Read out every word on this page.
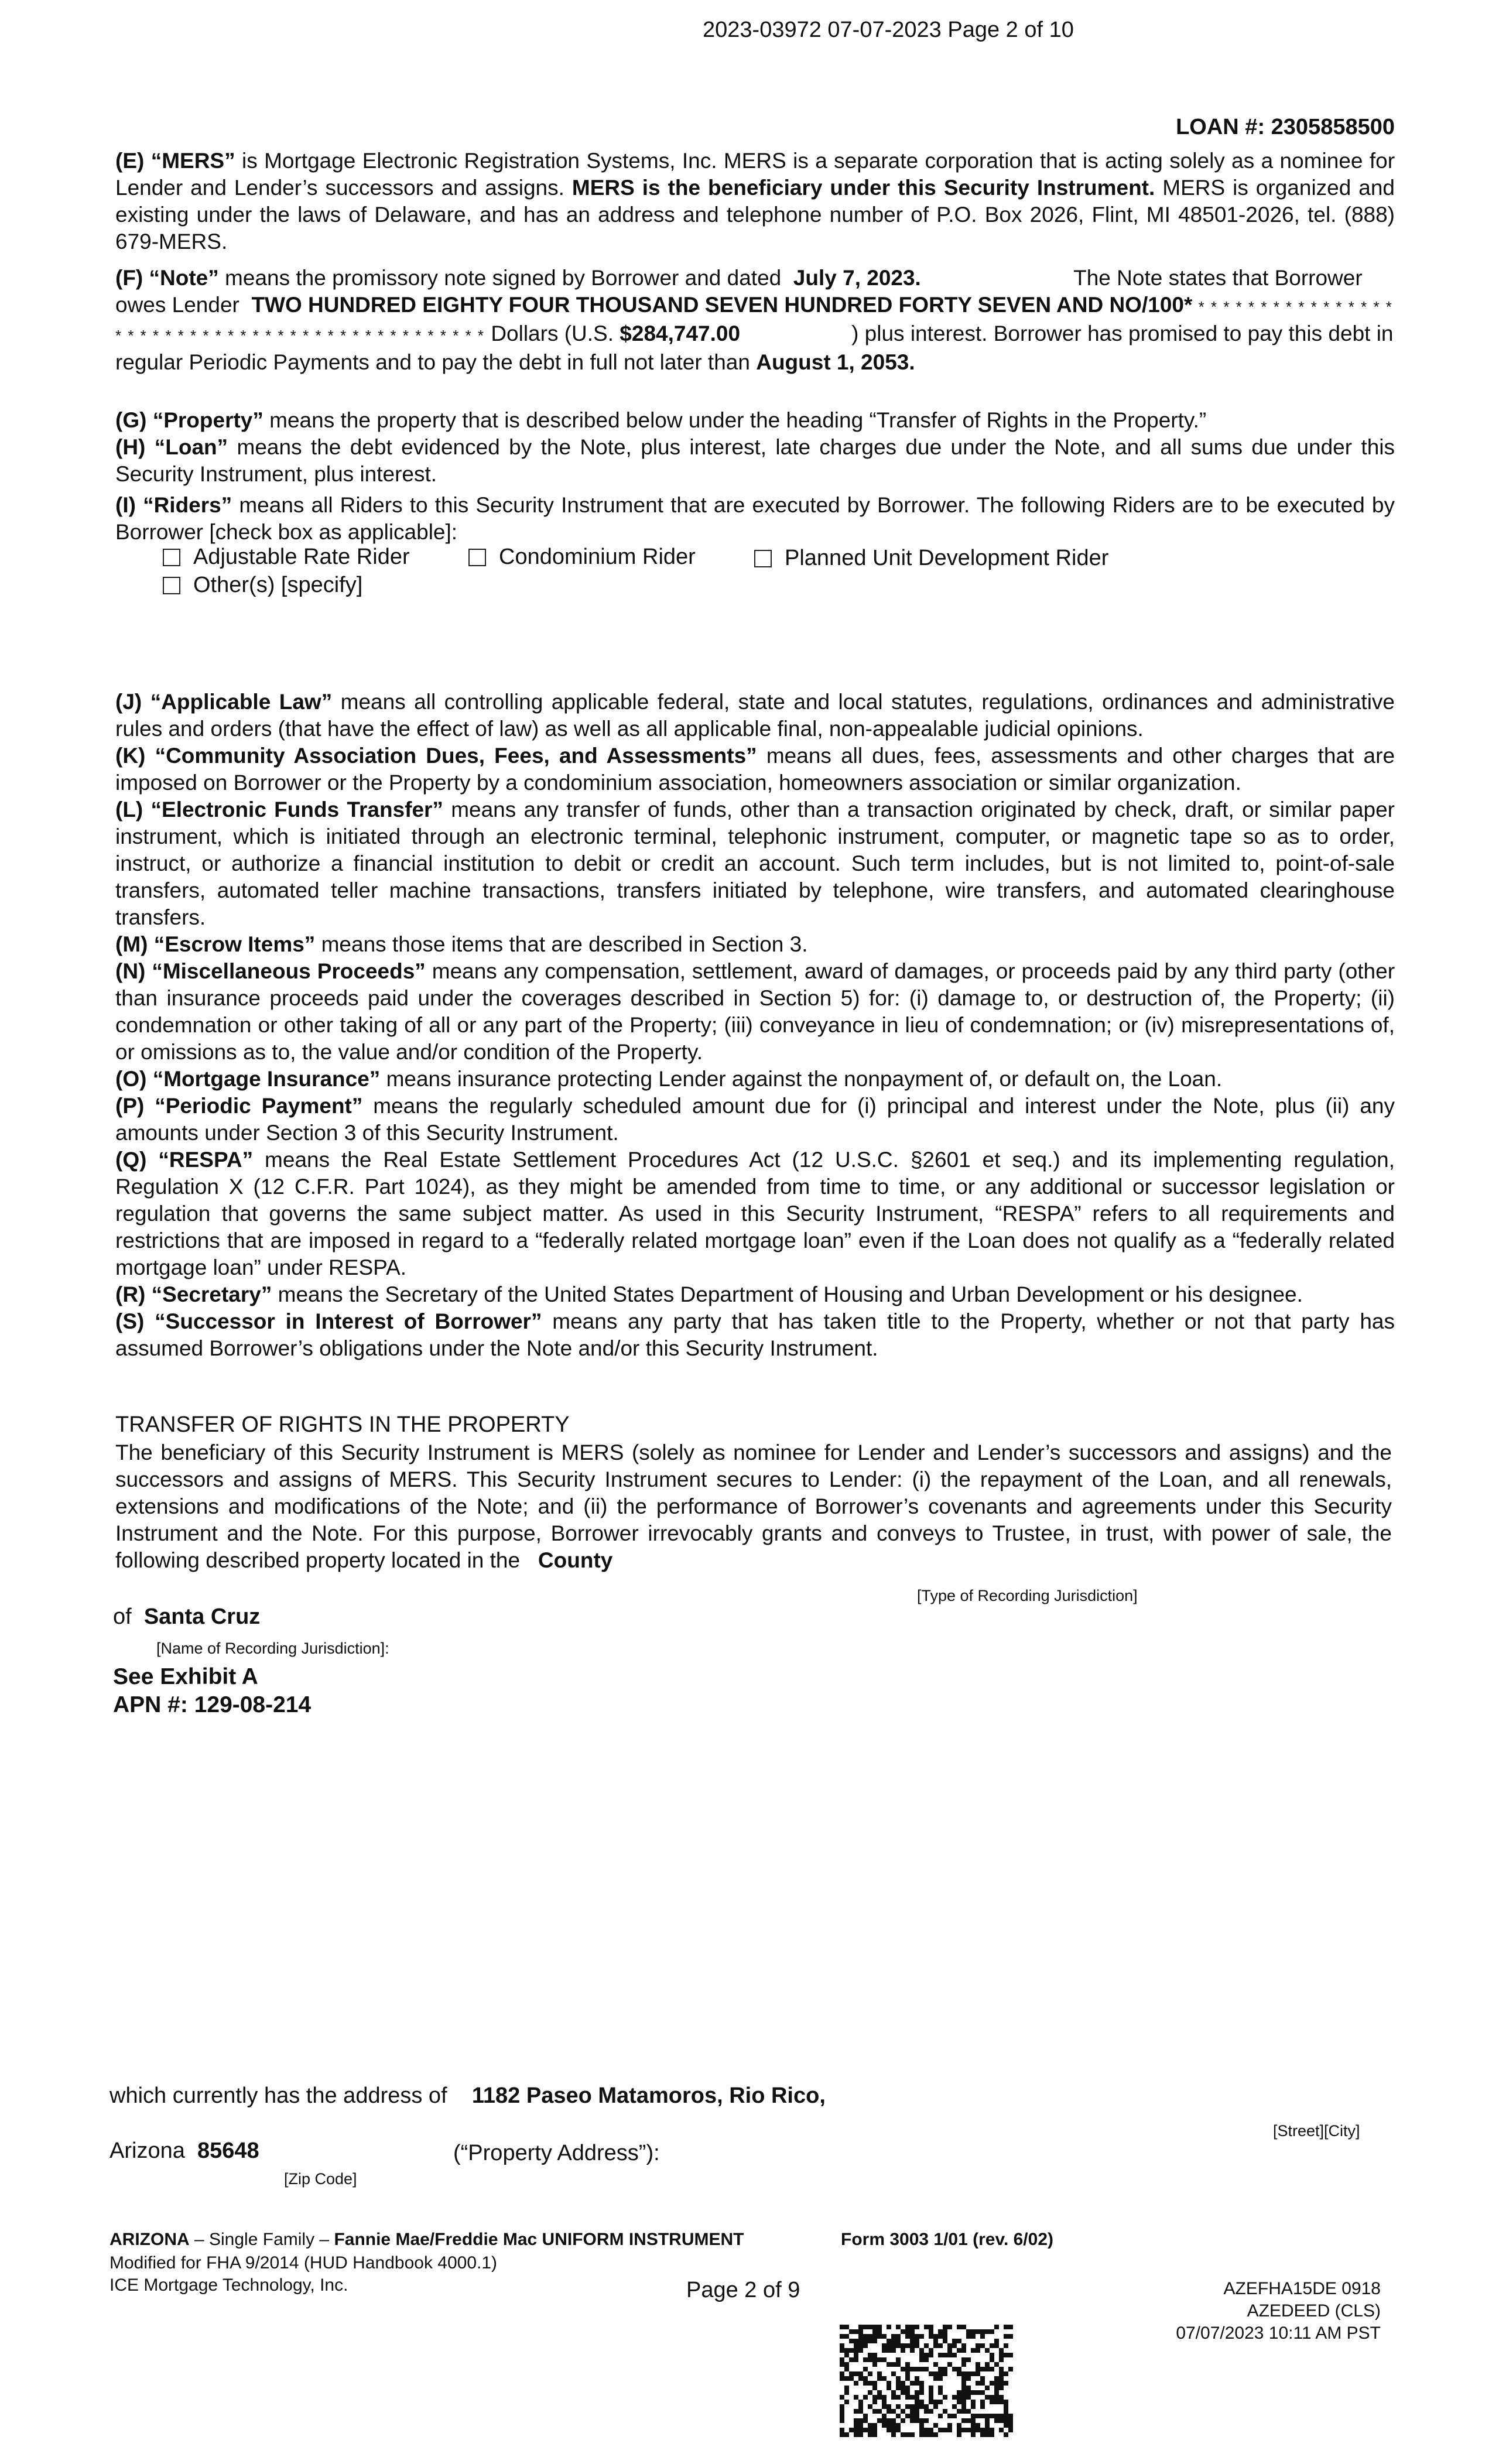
2023-03972 07-07-2023 Page 2 of 10
LOAN #: 2305858500

(E) “MERS” is Mortgage Electronic Registration Systems, Inc. MERS is a separate corporation that is acting solely as a nominee for Lender and Lender’s successors and assigns. MERS is the beneficiary under this Security Instrument. MERS is organized and existing under the laws of Delaware, and has an address and telephone number of P.O. Box 2026, Flint, MI 48501-2026, tel. (888) 679-MERS.

(F) “Note” means the promissory note signed by Borrower and dated July 7, 2023.	The Note states that Borrower owes Lender TWO HUNDRED EIGHTY FOUR THOUSAND SEVEN HUNDRED FORTY SEVEN AND NO/100* * * * * * * * * * * * * * * * * * * * * * * * * * * * * * * * * * * * * * * * * * * * * * * Dollars (U.S. $284,747.00	) plus interest. Borrower has promised to pay this debt in regular Periodic Payments and to pay the debt in full not later than August 1, 2053.

(G) “Property” means the property that is described below under the heading “Transfer of Rights in the Property.”

(H) “Loan” means the debt evidenced by the Note, plus interest, late charges due under the Note, and all sums due under this Security Instrument, plus interest.

(I) “Riders” means all Riders to this Security Instrument that are executed by Borrower. The following Riders are to be executed by Borrower [check box as applicable]:

Adjustable Rate Rider	Condominium Rider	Planned Unit Development Rider
Other(s) [specify]

(J) “Applicable Law” means all controlling applicable federal, state and local statutes, regulations, ordinances and administrative rules and orders (that have the effect of law) as well as all applicable final, non-appealable judicial opinions.

(K) “Community Association Dues, Fees, and Assessments” means all dues, fees, assessments and other charges that are imposed on Borrower or the Property by a condominium association, homeowners association or similar organization.

(L) “Electronic Funds Transfer” means any transfer of funds, other than a transaction originated by check, draft, or similar paper instrument, which is initiated through an electronic terminal, telephonic instrument, computer, or magnetic tape so as to order, instruct, or authorize a financial institution to debit or credit an account. Such term includes, but is not limited to, point-of-sale transfers, automated teller machine transactions, transfers initiated by telephone, wire transfers, and automated clearinghouse transfers.

(M) “Escrow Items” means those items that are described in Section 3.

(N) “Miscellaneous Proceeds” means any compensation, settlement, award of damages, or proceeds paid by any third party (other than insurance proceeds paid under the coverages described in Section 5) for: (i) damage to, or destruction of, the Property; (ii) condemnation or other taking of all or any part of the Property; (iii) conveyance in lieu of condemnation; or (iv) misrepresentations of, or omissions as to, the value and/or condition of the Property.

(O) “Mortgage Insurance” means insurance protecting Lender against the nonpayment of, or default on, the Loan.

(P) “Periodic Payment” means the regularly scheduled amount due for (i) principal and interest under the Note, plus (ii) any amounts under Section 3 of this Security Instrument.

(Q) “RESPA” means the Real Estate Settlement Procedures Act (12 U.S.C. §2601 et seq.) and its implementing regulation, Regulation X (12 C.F.R. Part 1024), as they might be amended from time to time, or any additional or successor legislation or regulation that governs the same subject matter. As used in this Security Instrument, “RESPA” refers to all requirements and restrictions that are imposed in regard to a “federally related mortgage loan” even if the Loan does not qualify as a “federally related mortgage loan” under RESPA.

(R) “Secretary” means the Secretary of the United States Department of Housing and Urban Development or his designee.

(S) “Successor in Interest of Borrower” means any party that has taken title to the Property, whether or not that party has assumed Borrower’s obligations under the Note and/or this Security Instrument.

TRANSFER OF RIGHTS IN THE PROPERTY

The beneficiary of this Security Instrument is MERS (solely as nominee for Lender and Lender’s successors and assigns) and the successors and assigns of MERS. This Security Instrument secures to Lender: (i) the repayment of the Loan, and all renewals, extensions and modifications of the Note; and (ii) the performance of Borrower’s covenants and agreements under this Security Instrument and the Note. For this purpose, Borrower irrevocably grants and conveys to Trustee, in trust, with power of sale, the following described property located in the County

[Type of Recording Jurisdiction]
of Santa Cruz
[Name of Recording Jurisdiction]:
See Exhibit A
APN #: 129-08-214
which currently has the address of 1182 Paseo Matamoros, Rio Rico,
[Street][City]
Arizona 85648	(“Property Address”):
[Zip Code]
ARIZONA – Single Family – Fannie Mae/Freddie Mac UNIFORM INSTRUMENT	Form 3003 1/01 (rev. 6/02)
Modified for FHA 9/2014 (HUD Handbook 4000.1)
ICE Mortgage Technology, Inc.	Page 2 of 9	AZEFHA15DE 0918
AZEDEED (CLS)
07/07/2023 10:11 AM PST
